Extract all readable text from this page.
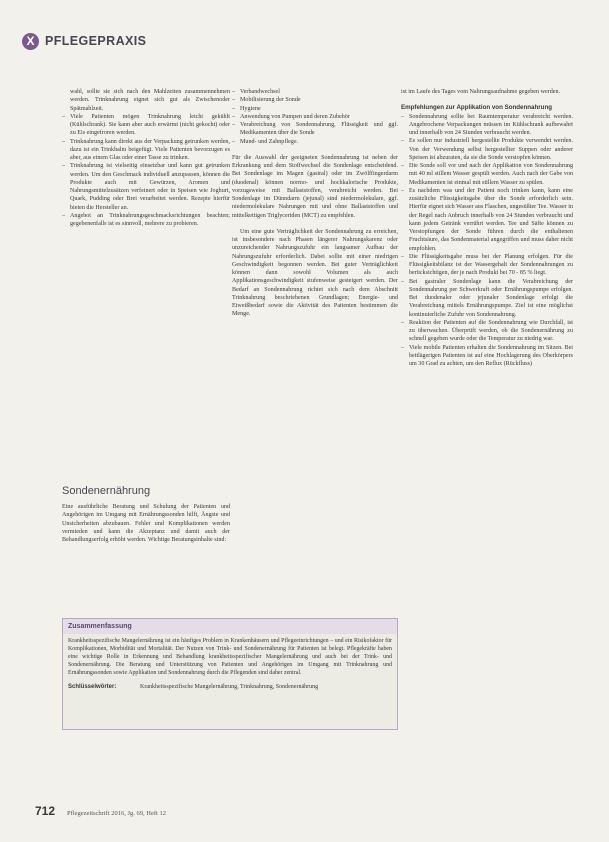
X PFLEGEPRAXIS

wahl, sollte sie sich nach den Mahlzeiten zusammennehmen werden. Trinknahrung eignet sich gut als Zwischenoder Spätmahlzeit.

– Viele Patienten mögen Trinknahrung leicht gekühlt (Kühlschrank). Sie kann aber auch erwärmt (nicht gekocht) oder zu Eis eingefroren werden.
– Trinknahrung kann direkt aus der Verpackung getrunken werden, dazu ist ein Trinkhalm beigefügt. Viele Patienten bevorzugen es aber, aus einem Glas oder einer Tasse zu trinken.
– Trinknahrung ist vielseitig einsetzbar und kann gut getrunken werden. Um den Geschmack individuell anzupassen, können die Produkte auch mit Gewürzen, Aromen und Nahrungsmittelzusätzen verfeinert oder in Speisen wie Joghurt, Quark, Pudding oder Brei verarbeitet werden. Rezepte hierfür bieten die Hersteller an.
– Angebot an Trinknahrungsgeschmacksrichtungen beachten; gegebenenfalls ist es sinnvoll, mehrere zu probieren.
Sondenernährung

Eine ausführliche Beratung und Schulung der Patienten und Angehörigen im Umgang mit Ernährungssonden hilft, Ängste und Unsicherheiten abzubauen. Fehler und Komplikationen werden vermieden und kann die Akzeptanz und damit auch der Behandlungserfolg erhöht werden. Wichtige Beratungsinhalte sind:

– Verbandwechsel
– Mobilisierung der Sonde
– Hygiene
– Anwendung von Pumpen und deren Zubehör
– Verabreichung von Sondennahrung, Flüssigkeit und ggf. Medikamenten über die Sonde
– Mund- und Zahnpflege.

Für die Auswahl der geeigneten Sondennahrung ist neben der Erkrankung und dem Stoffwechsel die Sondenlage entscheidend. Bei Sondenlage im Magen (gastral) oder im Zwölffingerdarm (duodenal) können normo- und hochkalorische Produkte, vorzugsweise mit Ballaststoffen, verabreicht werden. Bei Sondenlage im Dünndarm (jejunal) sind niedermolekulare, ggf. niedermolekulare Nahrungen mit und ohne Ballaststoffen und mittelkettigen Triglyceriden (MCT) zu empfehlen.

Um eine gute Verträglichkeit der Sondennahrung zu erreichen, ist insbesondere nach Phasen längerer Nahrungskarenz oder unzureichender Nahrungszufuhr ein langsamer Aufbau der Nahrungszufuhr erforderlich. Dabei sollte mit einer niedrigen Geschwindigkeit begonnen werden. Bei guter Verträglichkeit können dann sowohl Volumen als auch Applikationsgeschwindigkeit stufenweise gesteigert werden. Der Bedarf an Sondennahrung richtet sich nach dem Abschnitt Trinknahrung beschriebenen Grundlagen; Energie- und Eiweißbedarf sowie die Aktivität des Patienten bestimmen die Menge.

ist im Laufe des Tages vom Nahrungsaufnahme gegeben werden.

Empfehlungen zur Applikation von Sondennahrung

– Sondennahrung sollte bei Raumtemperatur verabreicht werden. Angebrochene Verpackungen müssen im Kühlschrank aufbewahrt und innerhalb von 24 Stunden verbraucht werden.
– Es sollen nur industriell hergestellte Produkte verwendet werden. Von der Verwendung selbst hergestellter Suppen oder anderer Speisen ist abzuraten, da sie die Sonde verstopfen können.
– Die Sonde soll vor und nach der Applikation von Sondennahrung mit 40 ml stillem Wasser gespült werden. Auch nach der Gabe von Medikamenten ist einmal mit stillem Wasser zu spülen.
– Es nachdem was und der Patient noch trinken kann, kann eine zusätzliche Flüssigkeitsgabe über die Sonde erforderlich sein. Hierfür eignet sich Wasser aus Flaschen, ungesüßter Tee. Wasser in der Regel nach Anbruch innerhalb von 24 Stunden verbraucht und kann jedem Getränk verrührt werden. Tee und Säfte können zu Verstopfungen der Sonde führen durch die enthaltenen Fruchtsäure, das Sondenmaterial angegriffen und muss daher nicht empfohlen.
– Die Flüssigkeitsgabe muss bei der Planung erfolgen. Für die Flüssigkeitsbilanz ist der Wassergehalt der Sondennahrungen zu berücksichtigen, der je nach Produkt bei 70 - 85 % liegt.
– Bei gastraler Sondenlage kann die Verabreichung der Sondennahrung per Schwerkraft oder Ernährungspumpe erfolgen. Bei duodenaler oder jejunaler Sondenlage erfolgt die Verabreichung mittels Ernährungspumpe. Ziel ist eine möglichst kontinuierliche Zufuhr von Sondennahrung.
– Reaktion der Patienten auf die Sondennahrung wie Durchfall, ist zu überwachen. Überprüft werden, ob die Sondenernährung zu schnell gegeben wurde oder die Temperatur zu niedrig war.
– Viele mobile Patienten erhalten die Sondennahrung im Sitzen. Bei bettlägerigen Patienten ist auf eine Hochlagerung des Oberkörpers um 30 Grad zu achten, um den Reflux (Rückfluss)
Zusammenfassung
Krankheitsspezifische Mangelernährung ist ein häufiges Problem in Krankenhäusern und Pflegeeinrichtungen – und ein Risikofaktor für Komplikationen, Morbidität und Mortalität. Der Nutzen von Trink- und Sondenernährung für Patienten ist belegt. Pflegekräfte haben eine wichtige Rolle in Erkennung und Behandlung krankheitsspezifischer Mangelernährung und auch bei der Trink- und Sondenernährung. Die Beratung und Unterstützung von Patienten und Angehörigen im Umgang mit Trinknahrung und Ernährungssonden sowie Applikation und Sondennahrung durch die Pflegenden sind daher zentral.
Schlüsselwörter:	Krankheitsspezifische Mangelernährung, Trinknahrung, Sondenernährung
712 Pflegezeitschrift 2016, Jg. 69, Heft 12
